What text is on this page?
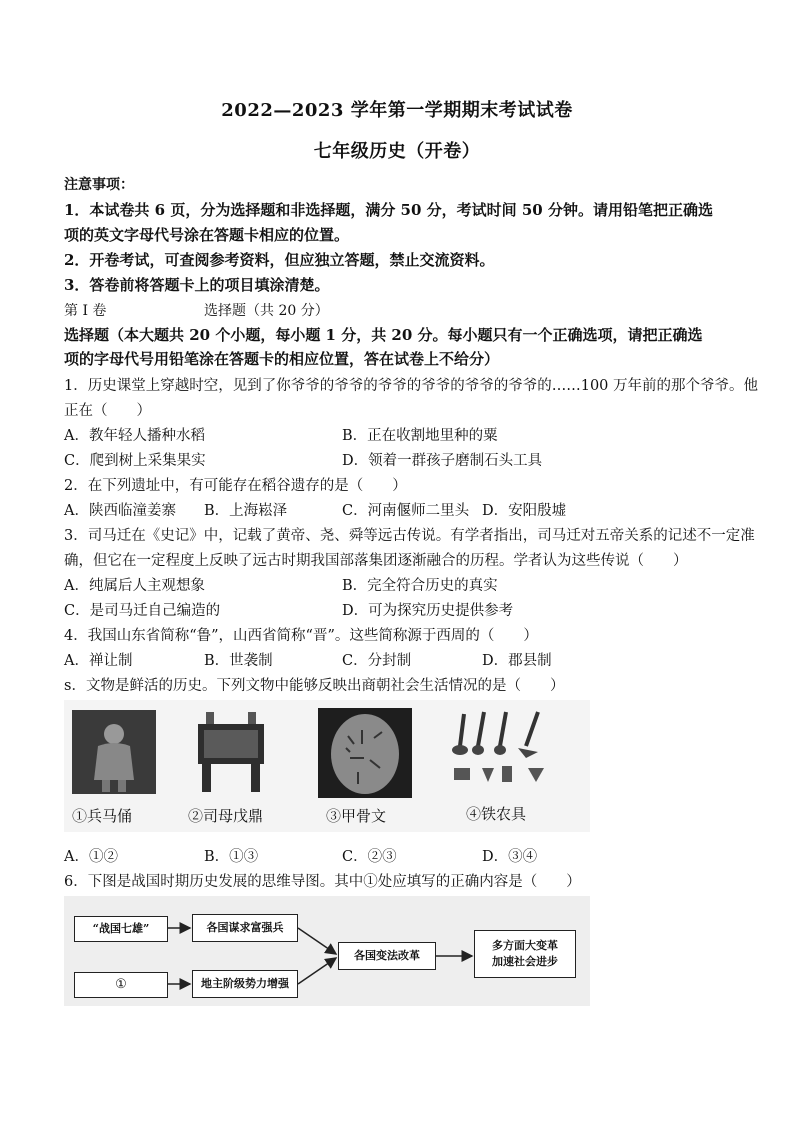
2022—2023 学年第一学期期末考试试卷
七年级历史（开卷）
注意事项：
1．本试卷共 6 页，分为选择题和非选择题，满分 50 分，考试时间 50 分钟。请用铅笔把正确选
项的英文字母代号涂在答题卡相应的位置。
2．开卷考试，可查阅参考资料，但应独立答题，禁止交流资料。
3．答卷前将答题卡上的项目填涂清楚。
第 I 卷	选择题（共 20 分）
选择题（本大题共 20 个小题，每小题 1 分，共 20 分。每小题只有一个正确选项，请把正确选
项的字母代号用铅笔涂在答题卡的相应位置，答在试卷上不给分）
1．历史课堂上穿越时空，见到了你爷爷的爷爷的爷爷的爷爷的爷爷的爷爷的……100 万年前的那个爷爷。他
正在（　　）
A．教年轻人播种水稻	B．正在收割地里种的粟
C．爬到树上采集果实	D．领着一群孩子磨制石头工具
2．在下列遗址中，有可能存在稻谷遗存的是（　　）
A．陕西临潼姜寨 B．上海崧泽	C．河南偃师二里头 D．安阳殷墟
3．司马迁在《史记》中，记载了黄帝、尧、舜等远古传说。有学者指出，司马迁对五帝关系的记述不一定准
确，但它在一定程度上反映了远古时期我国部落集团逐渐融合的历程。学者认为这些传说（　　）
A．纯属后人主观想象	B．完全符合历史的真实
C．是司马迁自己编造的	D．可为探究历史提供参考
4．我国山东省简称“鲁”，山西省简称“晋”。这些简称源于西周的（　　）
A．禅让制	B．世袭制	C．分封制	D．郡县制
s．文物是鲜活的历史。下列文物中能够反映出商朝社会生活情况的是（　　）
①兵马俑	②司母戊鼎	③甲骨文	④铁农具
A．①②	B．①③	C．②③	D．③④
6．下图是战国时期历史发展的思维导图。其中①处应填写的正确内容是（　　）
“战国七雄”	各国谋求富强兵
①	地主阶级势力增强
各国变法改革
多方面大变革
加速社会进步
